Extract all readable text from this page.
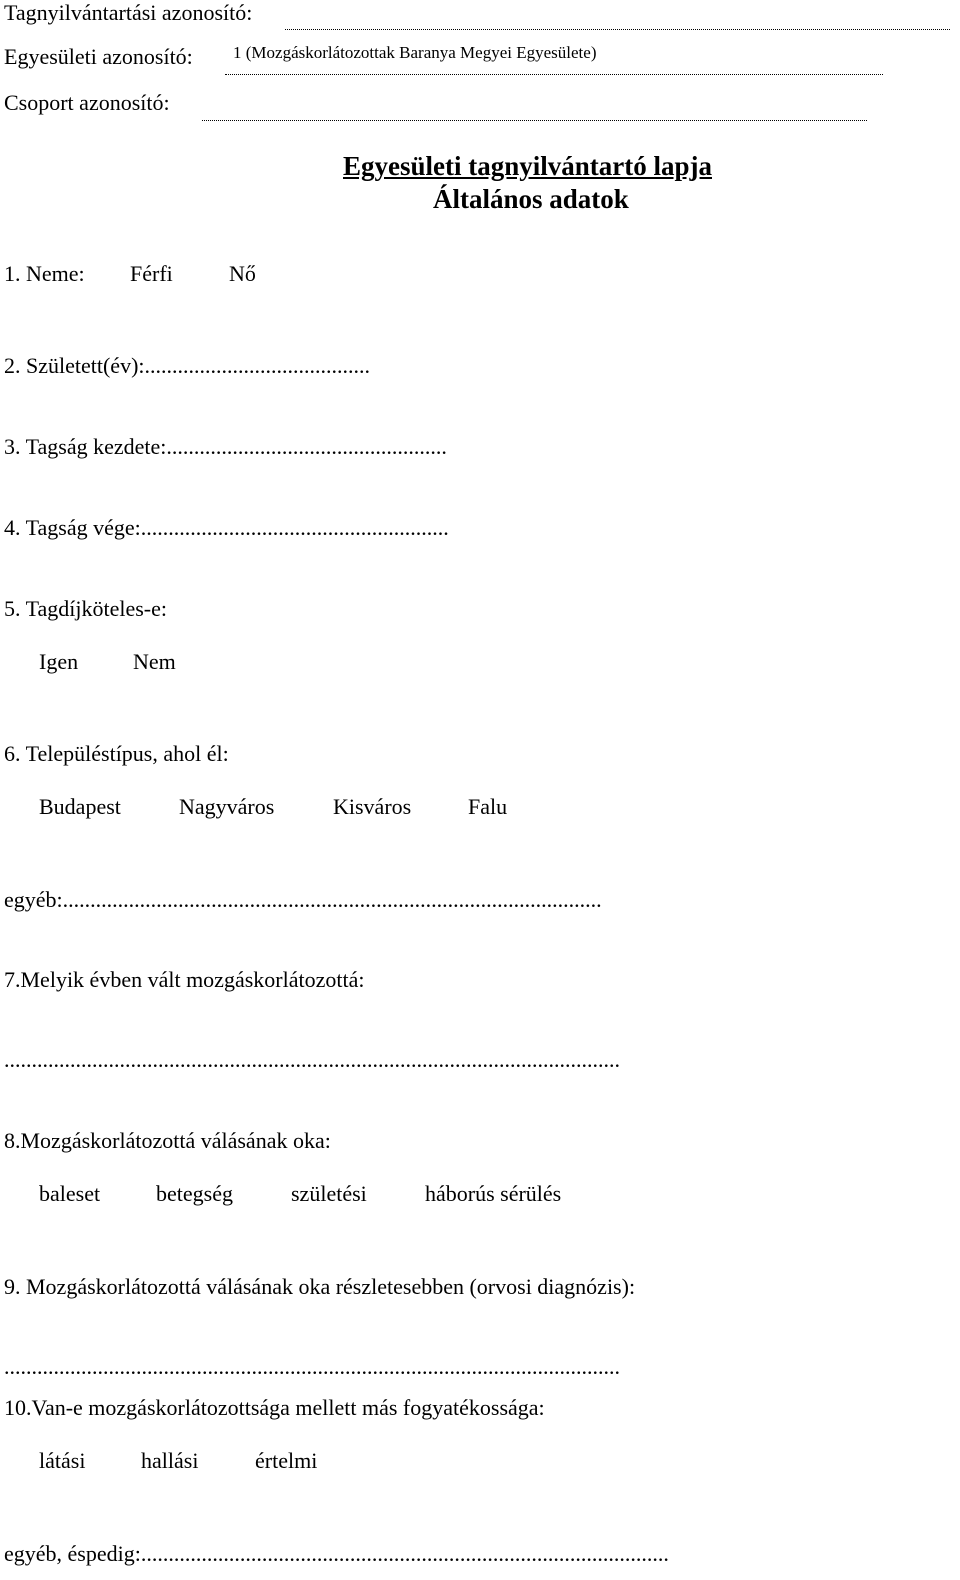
Tagnyilvántartási azonosító:
Egyesületi azonosító: 1 (Mozgáskorlátozottak Baranya Megyei Egyesülete)
Csoport azonosító:
Egyesületi tagnyilvántartó lapja
Általános adatok
1. Neme: Férfi	Nő
2. Született(év):.........................................
3. Tagság kezdete:...................................................
4. Tagság vége:........................................................
5. Tagdíjköteles-e:
Igen Nem
6. Településtípus, ahol él:
Budapest	Nagyváros	Kisváros	Falu
egyéb:..................................................................................................
7.Melyik évben vált mozgáskorlátozottá:
................................................................................................................
8.Mozgáskorlátozottá válásának oka:
baleset	betegség	születési	háborús sérülés
9. Mozgáskorlátozottá válásának oka részletesebben (orvosi diagnózis):
................................................................................................................
10.Van-e mozgáskorlátozottsága mellett más fogyatékossága:
látási	hallási	értelmi
egyéb, éspedig:................................................................................................
